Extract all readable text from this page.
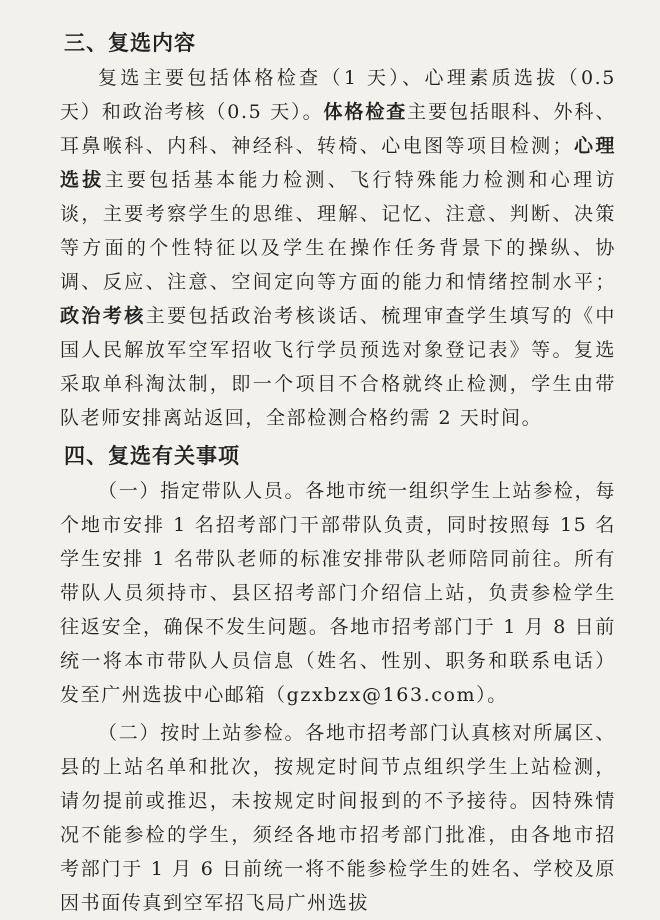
三、复选内容

复选主要包括体格检查（1 天）、心理素质选拔（0.5 天）和政治考核（0.5 天）。体格检查主要包括眼科、外科、耳鼻喉科、内科、神经科、转椅、心电图等项目检测；心理选拔主要包括基本能力检测、飞行特殊能力检测和心理访谈，主要考察学生的思维、理解、记忆、注意、判断、决策等方面的个性特征以及学生在操作任务背景下的操纵、协调、反应、注意、空间定向等方面的能力和情绪控制水平；政治考核主要包括政治考核谈话、梳理审查学生填写的《中国人民解放军空军招收飞行学员预选对象登记表》等。复选采取单科淘汰制，即一个项目不合格就终止检测，学生由带队老师安排离站返回，全部检测合格约需 2 天时间。

四、复选有关事项

（一）指定带队人员。各地市统一组织学生上站参检，每个地市安排 1 名招考部门干部带队负责，同时按照每 15 名学生安排 1 名带队老师的标准安排带队老师陪同前往。所有带队人员须持市、县区招考部门介绍信上站，负责参检学生往返安全，确保不发生问题。各地市招考部门于 1 月 8 日前统一将本市带队人员信息（姓名、性别、职务和联系电话）发至广州选拔中心邮箱（gzxbzx@163.com）。

（二）按时上站参检。各地市招考部门认真核对所属区、县的上站名单和批次，按规定时间节点组织学生上站检测，请勿提前或推迟，未按规定时间报到的不予接待。因特殊情况不能参检的学生，须经各地市招考部门批准，由各地市招考部门于 1 月 6 日前统一将不能参检学生的姓名、学校及原因书面传真到空军招飞局广州选拔
